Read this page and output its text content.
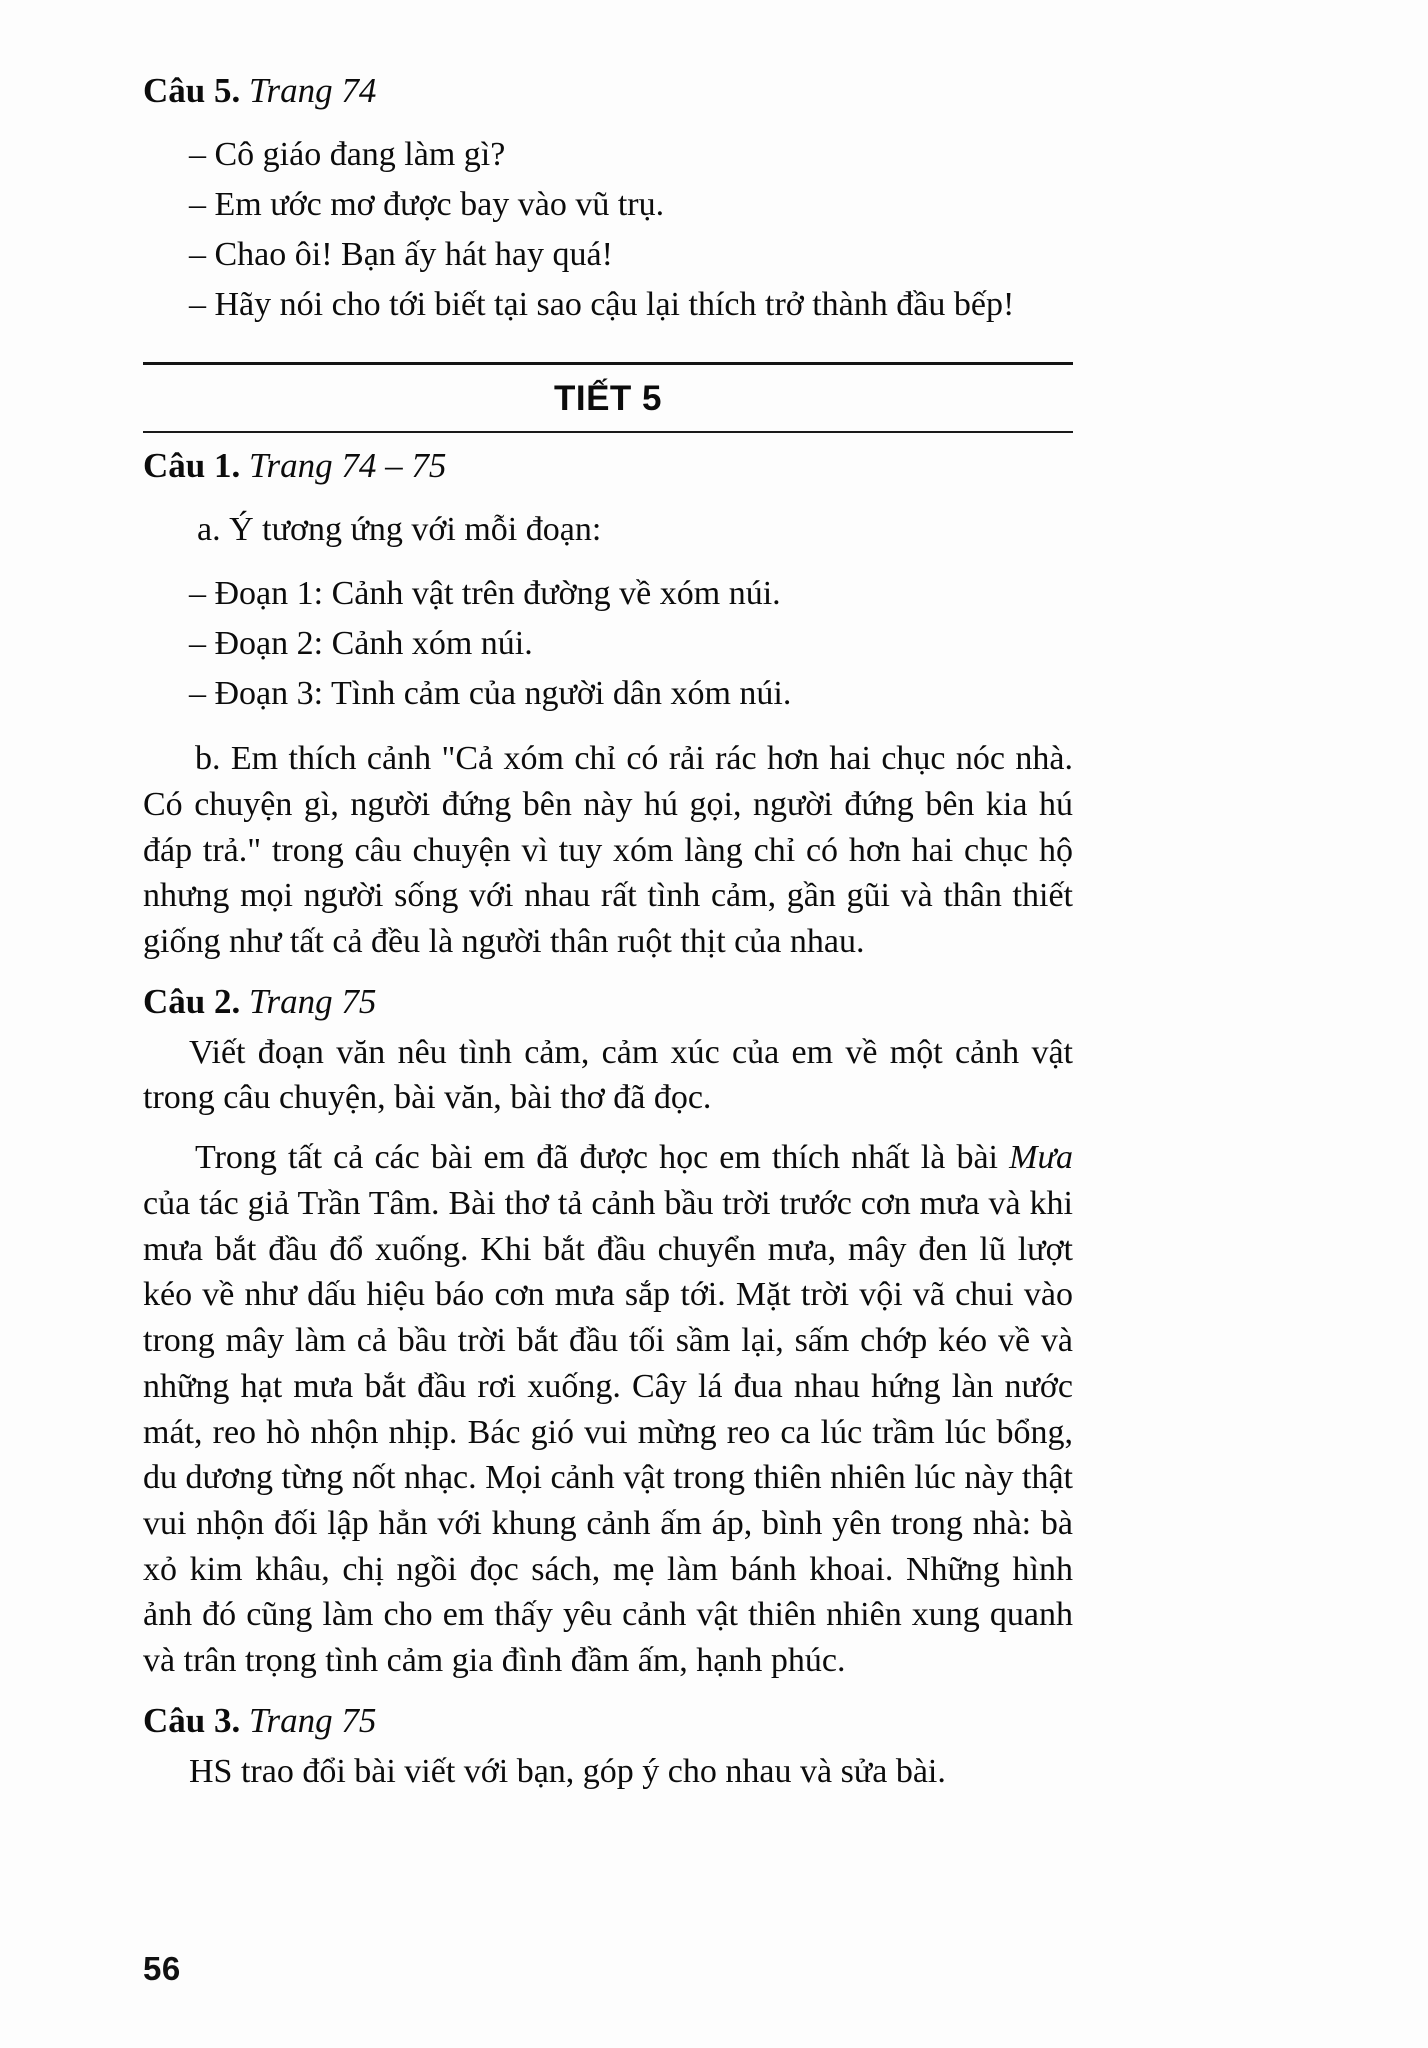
Câu 5. Trang 74

– Cô giáo đang làm gì?

– Em ước mơ được bay vào vũ trụ.

– Chao ôi! Bạn ấy hát hay quá!

– Hãy nói cho tới biết tại sao cậu lại thích trở thành đầu bếp!

TIẾT 5
Câu 1. Trang 74 – 75

a. Ý tương ứng với mỗi đoạn:

– Đoạn 1: Cảnh vật trên đường về xóm núi.

– Đoạn 2: Cảnh xóm núi.

– Đoạn 3: Tình cảm của người dân xóm núi.

b. Em thích cảnh "Cả xóm chỉ có rải rác hơn hai chục nóc nhà. Có chuyện gì, người đứng bên này hú gọi, người đứng bên kia hú đáp trả." trong câu chuyện vì tuy xóm làng chỉ có hơn hai chục hộ nhưng mọi người sống với nhau rất tình cảm, gần gũi và thân thiết giống như tất cả đều là người thân ruột thịt của nhau.

Câu 2. Trang 75

Viết đoạn văn nêu tình cảm, cảm xúc của em về một cảnh vật trong câu chuyện, bài văn, bài thơ đã đọc.

Trong tất cả các bài em đã được học em thích nhất là bài Mưa của tác giả Trần Tâm. Bài thơ tả cảnh bầu trời trước cơn mưa và khi mưa bắt đầu đổ xuống. Khi bắt đầu chuyển mưa, mây đen lũ lượt kéo về như dấu hiệu báo cơn mưa sắp tới. Mặt trời vội vã chui vào trong mây làm cả bầu trời bắt đầu tối sầm lại, sấm chớp kéo về và những hạt mưa bắt đầu rơi xuống. Cây lá đua nhau hứng làn nước mát, reo hò nhộn nhịp. Bác gió vui mừng reo ca lúc trầm lúc bổng, du dương từng nốt nhạc. Mọi cảnh vật trong thiên nhiên lúc này thật vui nhộn đối lập hẳn với khung cảnh ấm áp, bình yên trong nhà: bà xỏ kim khâu, chị ngồi đọc sách, mẹ làm bánh khoai. Những hình ảnh đó cũng làm cho em thấy yêu cảnh vật thiên nhiên xung quanh và trân trọng tình cảm gia đình đầm ấm, hạnh phúc.

Câu 3. Trang 75

HS trao đổi bài viết với bạn, góp ý cho nhau và sửa bài.

56
